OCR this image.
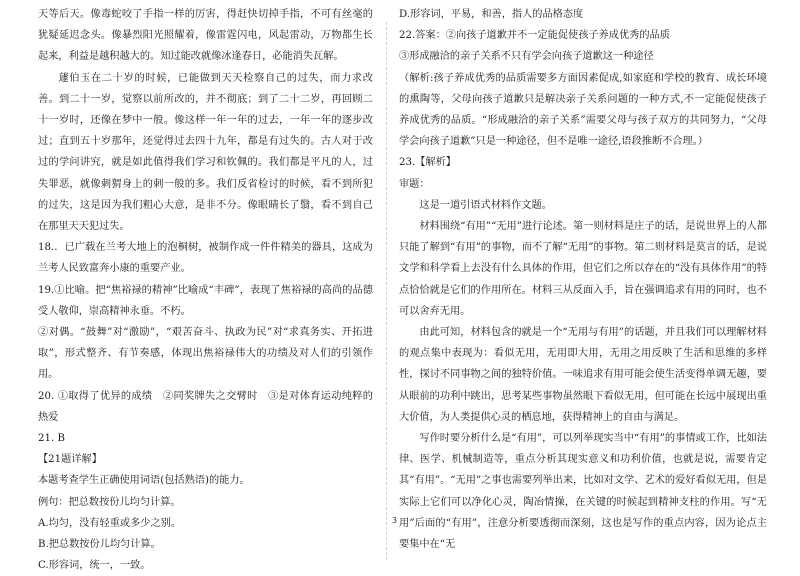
天等后天。像毒蛇咬了手指一样的厉害，得赶快切掉手指，不可有丝毫的犹疑延迟念头。像暴烈阳光照耀着，像雷霆闪电，风起雷动，万物都生长起来，利益是越积越大的。知过能改就像冰逢春日，必能消失瓦解。

蘧伯玉在二十岁的时候，已能做到天天检察自己的过失，而力求改善。到二十一岁，觉察以前所改的，并不彻底；到了二十二岁，再回顾二十一岁时，还像在梦中一般。像这样一年一年的过去，一年一年的逐步改过；直到五十岁那年，还觉得过去四十九年，都是有过失的。古人对于改过的学问讲究，就是如此值得我们学习和钦佩的。我们都是平凡的人，过失罪恶，就像刺猬身上的刺一般的多。我们反省检讨的时候，看不到所犯的过失，这是因为我们粗心大意，是非不分。像眼睛长了翳，看不到自己在那里天天犯过失。

18.．已广载在兰考大地上的泡桐树，被制作成一件件精美的器具，这成为兰考人民致富奔小康的重要产业。

19.①比喻。把“焦裕禄的精神”比喻成“丰碑”，表现了焦裕禄的高尚的品德受人敬仰，崇高精神永垂。不朽。

②对偶。“鼓舞”对“激励”，“艰苦奋斗、执政为民”对“求真务实、开拓进取”，形式整齐、有节奏感，体现出焦裕禄伟大的功绩及对人们的引领作用。

20. ①取得了优异的成绩　②同奖牌失之交臂时　③是对体育运动纯粹的热爱

21. B

【21题详解】

本题考查学生正确使用词语(包括熟语)的能力。

例句：把总数按份儿均匀计算。

A.均匀，没有轻重或多少之别。

B.把总数按份儿均匀计算。

C.形容词，统一，一致。

D.形容词，平易，和善，指人的品格态度

22.答案：②向孩子道歉并不一定能促使孩子养成优秀的品质

③形成融洽的亲子关系不只有学会向孩子道歉这一种途径

（解析:孩子养成优秀的品质需要多方面因素促成,如家庭和学校的教育、成长环境的熏陶等，父母向孩子道歉只是解决亲子关系问题的一种方式,不一定能促使孩子养成优秀的品质。“形成融洽的亲子关系”需要父母与孩子双方的共同努力，“父母学会向孩子道歉”只是一种途径，但不是唯一途径,语段推断不合理。）

23.【解析】

审题：

这是一道引语式材料作文题。

材料围绕“有用”“无用”进行论述。第一则材料是庄子的话，是说世界上的人都只能了解到“有用”的事物，而不了解“无用”的事物。第二则材料是莫言的话，是说文学和科学看上去没有什么具体的作用，但它们之所以存在的“没有具体作用”的特点恰恰就是它们的作用所在。材料三从反面入手，旨在强调追求有用的同时，也不可以舍弃无用。

由此可知，材料包含的就是一个“无用与有用”的话题，并且我们可以理解材料的观点集中表现为：看似无用，无用即大用，无用之用反映了生活和思维的多样性，探讨不同事物之间的独特价值。一味追求有用可能会使生活变得单调无趣，要从眼前的功利中跳出，思考某些事物虽然眼下看似无用，但可能在长远中展现出重大价值，为人类提供心灵的栖息地，获得精神上的自由与满足。

写作时要分析什么是“有用”，可以列举现实当中“有用”的事情或工作，比如法律、医学、机械制造等，重点分析其现实意义和功利价值，也就是说，需要肯定其“有用”。“无用”之事也需要列举出来，比如对文学、艺术的爱好看似无用，但是实际上它们可以净化心灵，陶冶情操，在关键的时候起到精神支柱的作用。写“无用”后面的“有用”，注意分析要透彻而深刻，这也是写作的重点内容，因为论点主要集中在“无

3
